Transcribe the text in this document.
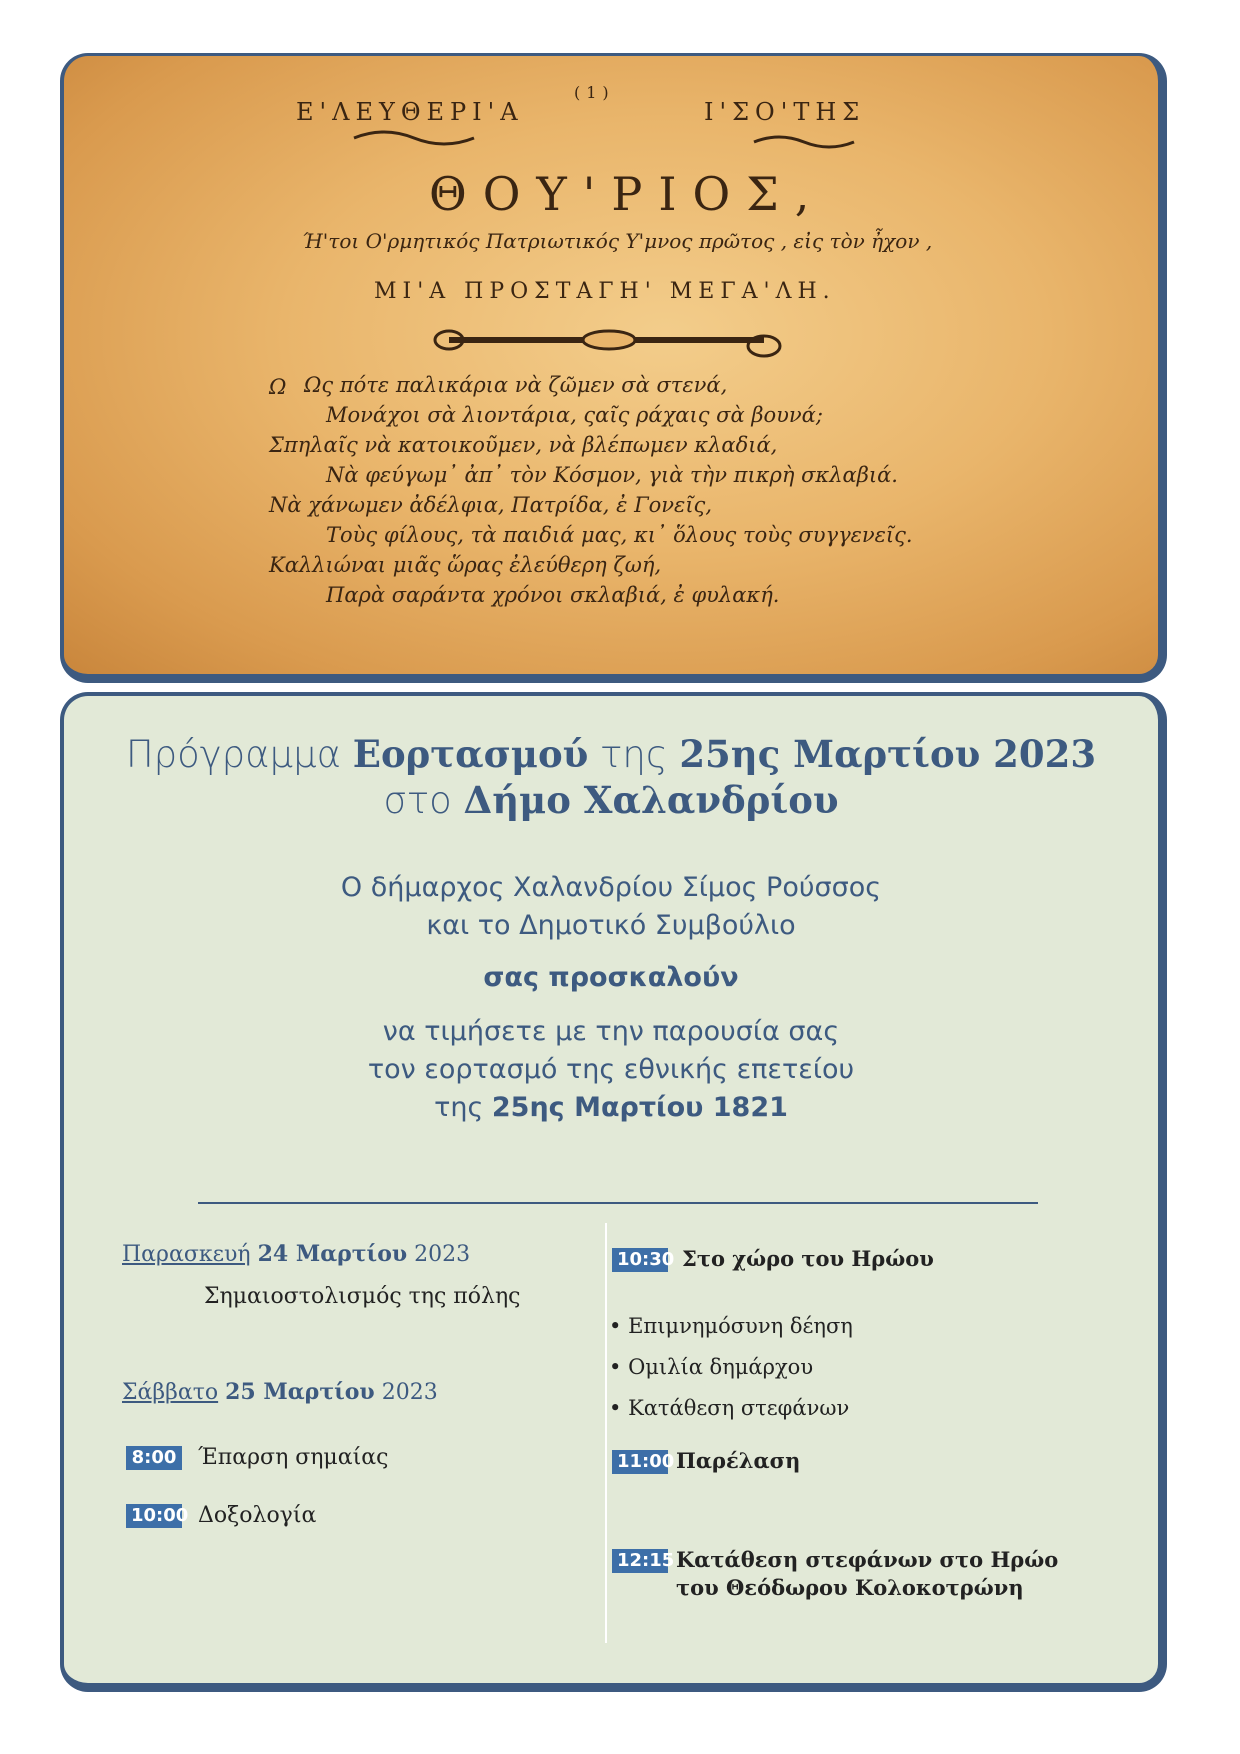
Ε'ΛΕΥΘΕΡΙ'Α
(1)
Ι'ΣΟ'ΤΗΣ
ΘΟΥ'ΡΙΟΣ,
Ή'τοι Ο'ρμητικός Πατριωτικός Υ'μνος πρῶτος , εἰς τὸν ἦχον ,
ΜΙ'Α ΠΡΟΣΤΑΓΗ' ΜΕΓΑ'ΛΗ.
Ω Ως πότε παλικάρια νὰ ζῶμεν σὰ στενά,
Μονάχοι σὰ λιοντάρια, ςαῖς ράχαις σὰ βουνά;
Σπηλαῖς νὰ κατοικοῦμεν, νὰ βλέπωμεν κλαδιά,
Νὰ φεύγωμ᾽ ἀπ᾽ τὸν Κόσμον, γιὰ τὴν πικρὴ σκλαβιά.
Νὰ χάνωμεν ἀδέλφια, Πατρίδα, ἐ Γονεῖς,
Τοὺς φίλους, τὰ παιδιά μας, κι᾽ ὅλους τοὺς συγγενεῖς.
Καλλιώναι μιᾶς ὥρας ἐλεύθερη ζωή,
Παρὰ σαράντα χρόνοι σκλαβιά, ἐ φυλακή.
Πρόγραμμα Εορτασμού της 25ης Μαρτίου 2023
στο Δήμο Χαλανδρίου
Ο δήμαρχος Χαλανδρίου Σίμος Ρούσσος
και το Δημοτικό Συμβούλιο
σας προσκαλούν
να τιμήσετε με την παρουσία σας
τον εορτασμό της εθνικής επετείου
της 25ης Μαρτίου 1821
Παρασκευή 24 Μαρτίου 2023
Σημαιοστολισμός της πόλης
Σάββατο 25 Μαρτίου 2023
8:00 Έπαρση σημαίας
10:00 Δοξολογία
10:30 Στο χώρο του Ηρώου
• Επιμνημόσυνη δέηση
• Ομιλία δημάρχου
• Κατάθεση στεφάνων
11:00 Παρέλαση
12:15 Κατάθεση στεφάνων στο Ηρώο
του Θεόδωρου Κολοκοτρώνη
